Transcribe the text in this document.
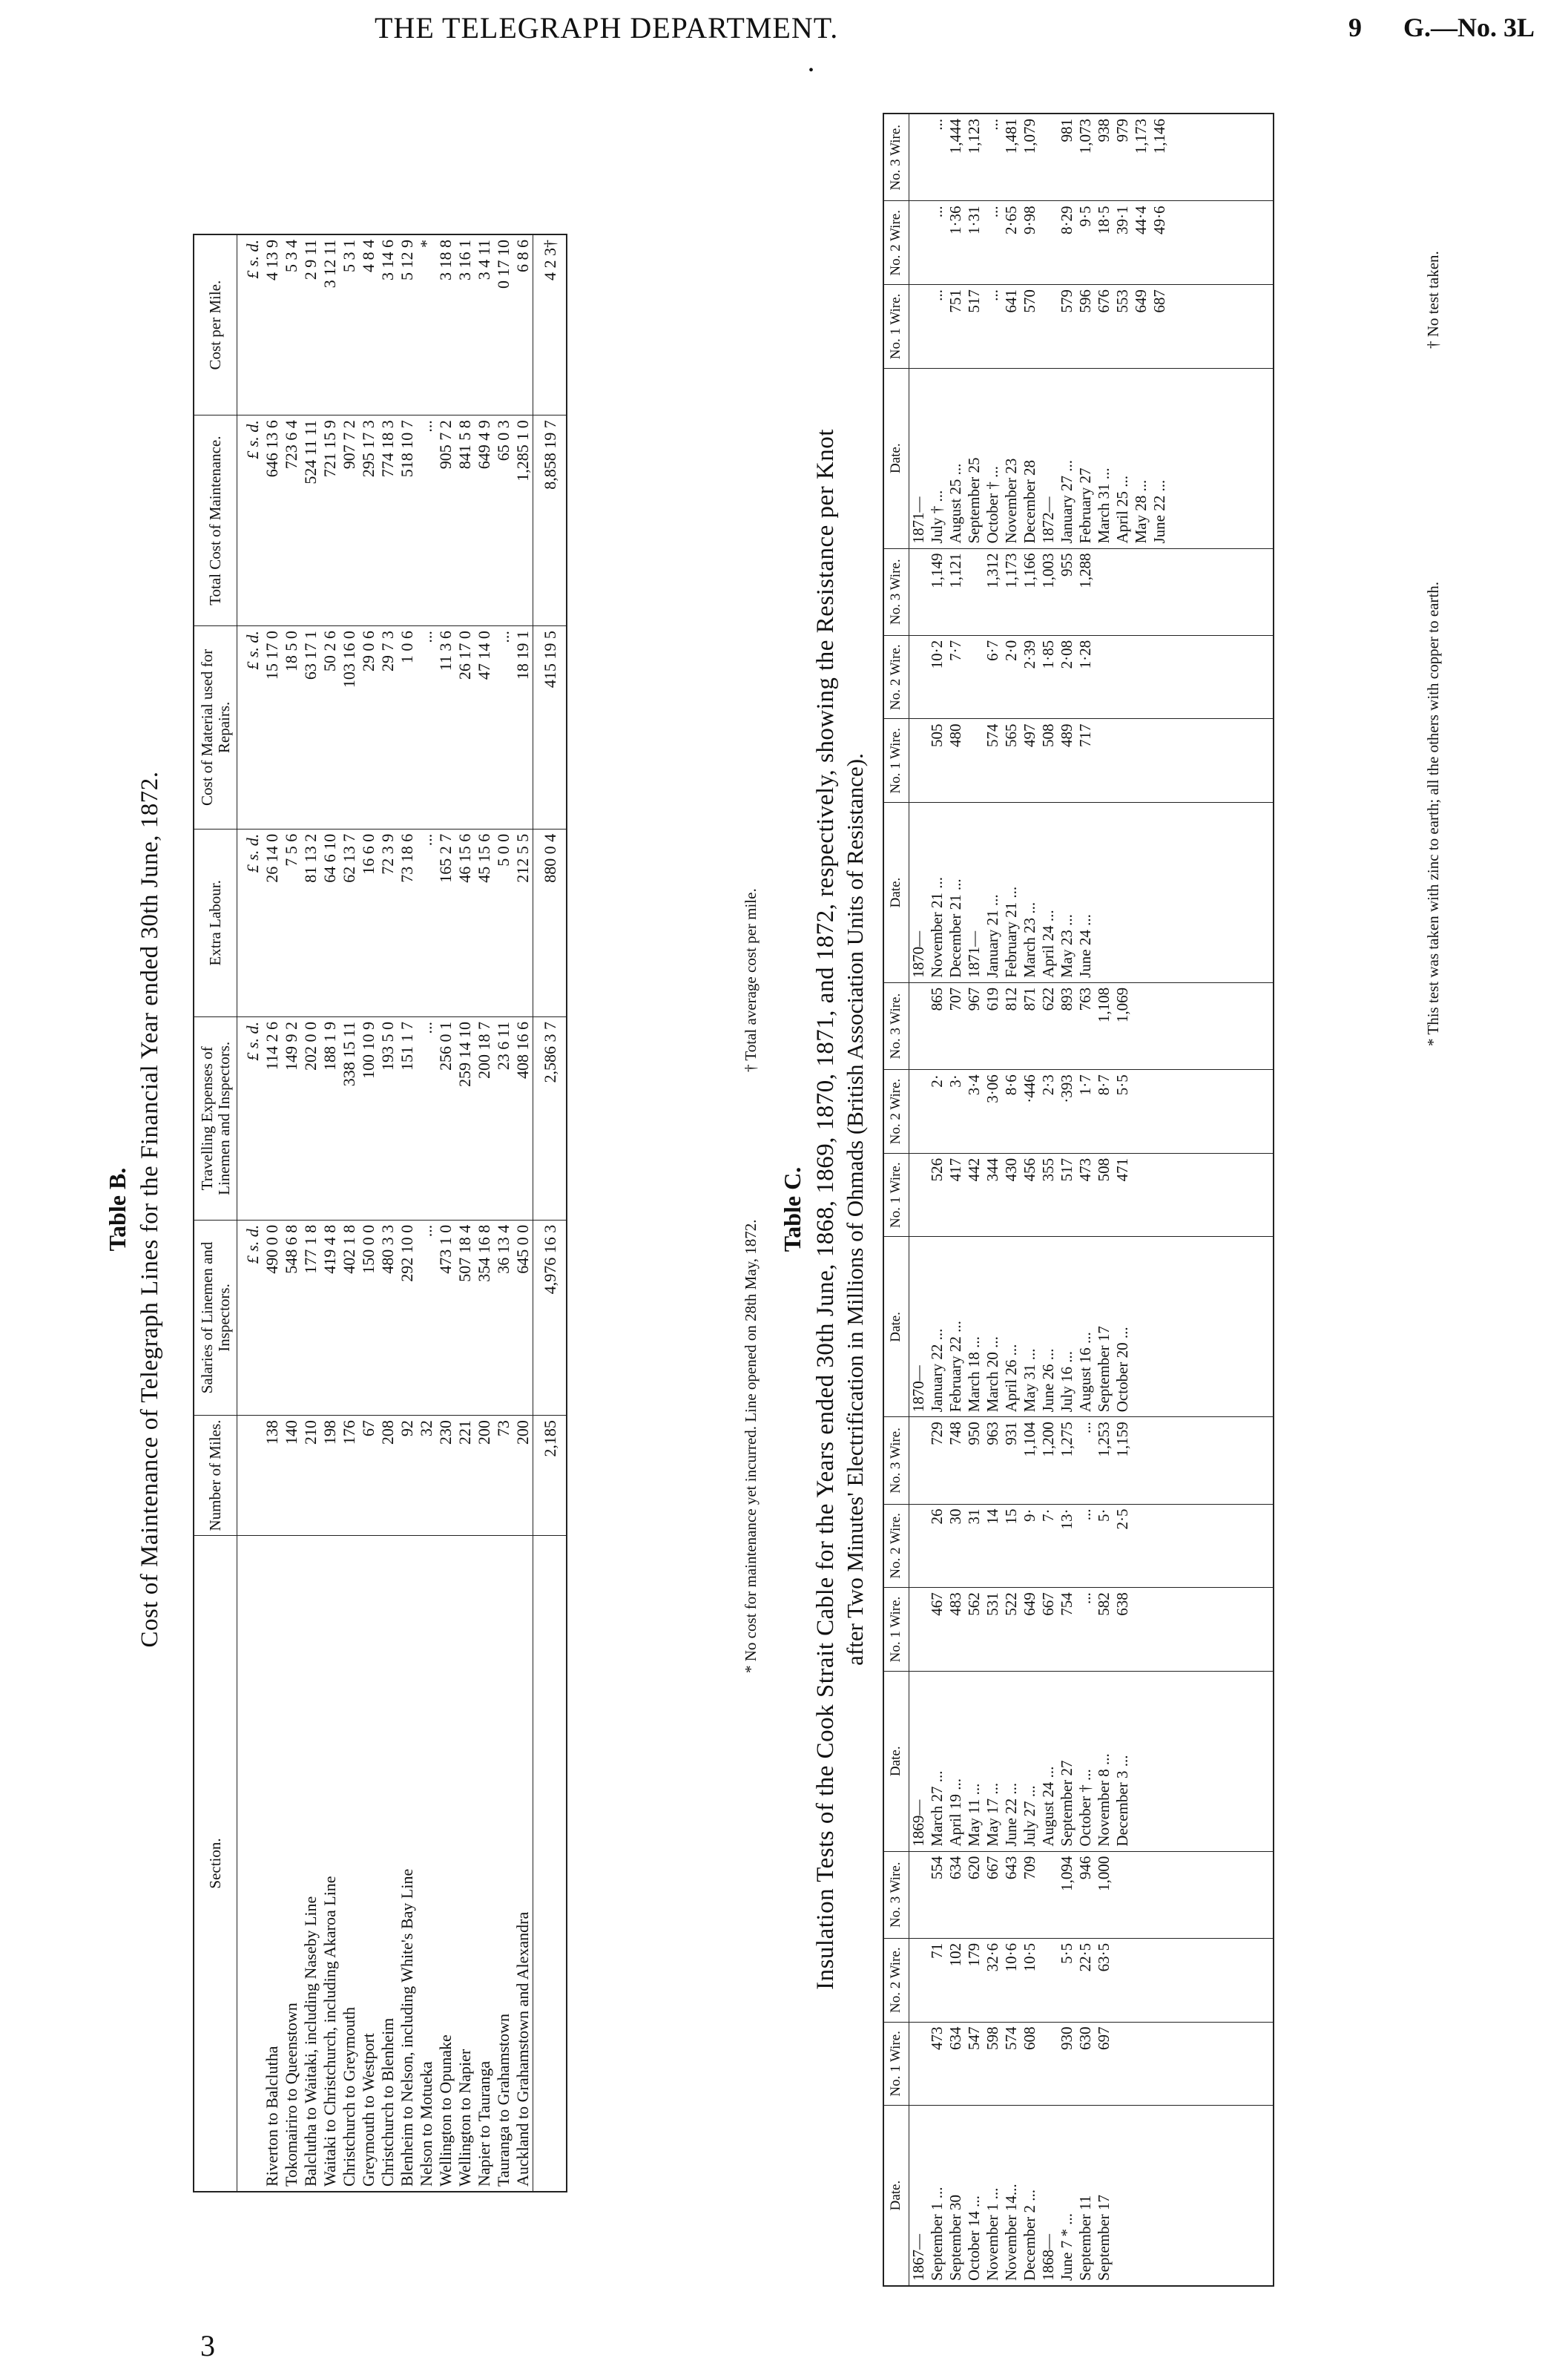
THE TELEGRAPH DEPARTMENT.	9 G.—No. 3L
•
Table B. Cost of Maintenance of Telegraph Lines for the Financial Year ended 30th June, 1872.
Section.	Number of Miles.	Salaries of Linemen and Inspectors.	Travelling Expenses of Linemen and Inspectors.	Extra Labour.	Cost of Material used for Repairs.	Total Cost of Maintenance.	Cost per Mile.
		£ s. d.	£ s. d.	£ s. d.	£ s. d.	£ s. d.	£ s. d.
Riverton to Balclutha	138	490 0 0	114 2 6	26 14 0	15 17 0	646 13 6	4 13 9
Tokomairiro to Queenstown	140	548 6 8	149 9 2	7 5 6	18 5 0	723 6 4	5 3 4
Balclutha to Waitaki, including Naseby Line	210	177 1 8	202 0 0	81 13 2	63 17 1	524 11 11	2 9 11
Waitaki to Christchurch, including Akaroa Line	198	419 4 8	188 1 9	64 6 10	50 2 6	721 15 9	3 12 11
Christchurch to Greymouth	176	402 1 8	338 15 11	62 13 7	103 16 0	907 7 2	5 3 1
Greymouth to Westport	67	150 0 0	100 10 9	16 6 0	29 0 6	295 17 3	4 8 4
Christchurch to Blenheim	208	480 3 3	193 5 0	72 3 9	29 7 3	774 18 3	3 14 6
Blenheim to Nelson, including White's Bay Line	92	292 10 0	151 1 7	73 18 6	1 0 6	518 10 7	5 12 9
Nelson to Motueka	32	...	...	...	...	...	*
Wellington to Opunake	230	473 1 0	256 0 1	165 2 7	11 3 6	905 7 2	3 18 8
Wellington to Napier	221	507 18 4	259 14 10	46 15 6	26 17 0	841 5 8	3 16 1
Napier to Tauranga	200	354 16 8	200 18 7	45 15 6	47 14 0	649 4 9	3 4 11
Tauranga to Grahamstown	73	36 13 4	23 6 11	5 0 0	...	65 0 3	0 17 10
Auckland to Grahamstown and Alexandra	200	645 0 0	408 16 6	212 5 5	18 19 1	1,285 1 0	6 8 6
	2,185	4,976 16 3	2,586 3 7	880 0 4	415 19 5	8,858 19 7	4 2 3†
* No cost for maintenance yet incurred. Line opened on 28th May, 1872.
† Total average cost per mile.
Table C. Insulation Tests of the Cook Strait Cable for the Years ended 30th June, 1868, 1869, 1870, 1871, and 1872, respectively, showing the Resistance per Knot after Two Minutes' Electrification in Millions of Ohmads (British Association Units of Resistance).
Date.	No. 1 Wire.	No. 2 Wire.	No. 3 Wire.	Date.	No. 1 Wire.	No. 2 Wire.	No. 3 Wire.	Date.	No. 1 Wire.	No. 2 Wire.	No. 3 Wire.	Date.	No. 1 Wire.	No. 2 Wire.	No. 3 Wire.	Date.	No. 1 Wire.	No. 2 Wire.	No. 3 Wire.
1867—				1869—				1870—				1870—				1871—			
September 1 ...	473	71	554	March 27 ...	467	26	729	January 22 ...	526	2·	865	November 21 ...	505	10·2	1,149	July † ...	...	...	...
September 30	634	102	634	April 19 ...	483	30	748	February 22 ...	417	3·	707	December 21 ...	480	7·7	1,121	August 25 ...	751	1·36	1,444
October 14 ...	547	179	620	May 11 ...	562	31	950	March 18 ...	442	3·4	967	1871—				September 25	517	1·31	1,123
November 1 ...	598	32·6	667	May 17 ...	531	14	963	March 20 ...	344	3·06	619	January 21 ...	574	6·7	1,312	October † ...	...	...	...
November 14...	574	10·6	643	June 22 ...	522	15	931	April 26 ...	430	8·6	812	February 21 ...	565	2·0	1,173	November 23	641	2·65	1,481
December 2 ...	608	10·5	709	July 27 ...	649	9·	1,104	May 31 ...	456	·446	871	March 23 ...	497	2·39	1,166	December 28	570	9·98	1,079
1868—				August 24 ...	667	7·	1,200	June 26 ...	355	2·3	622	April 24 ...	508	1·85	1,003	1872—			
June 7 * ...	930	5·5	1,094	September 27	754	13·	1,275	July 16 ...	517	·393	893	May 23 ...	489	2·08	955	January 27 ...	579	8·29	981
September 11	630	22·5	946	October † ...	...	...	...	August 16 ...	473	1·7	763	June 24 ...	717	1·28	1,288	February 27	596	9·5	1,073
September 17	697	63·5	1,000	November 8 ...	582	5·	1,253	September 17	508	8·7	1,108					March 31 ...	676	18·5	938
				December 3 ...	638	2·5	1,159	October 20 ...	471	5·5	1,069					April 25 ...	553	39·1	979
																May 28 ...	649	44·4	1,173
																June 22 ...	687	49·6	1,146

* This test was taken with zinc to earth; all the others with copper to earth.
† No test taken.
3
